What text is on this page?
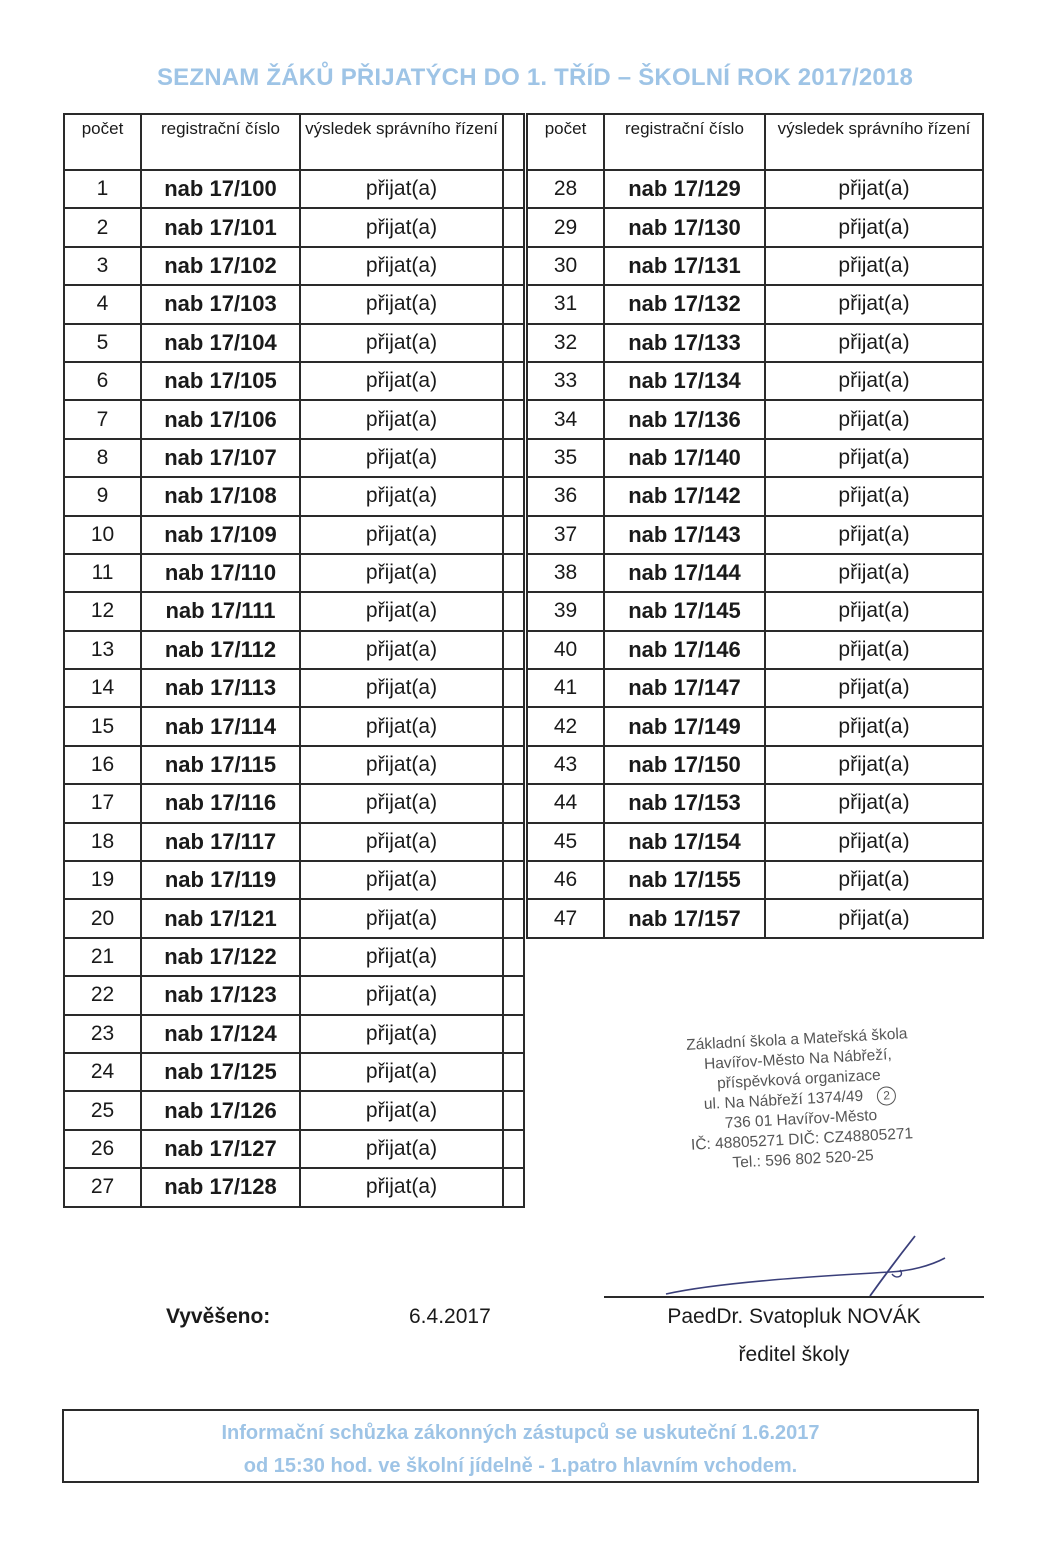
SEZNAM ŽÁKŮ PŘIJATÝCH DO 1. TŘÍD – ŠKOLNÍ ROK 2017/2018
počet	registrační číslo	výsledek správního řízení	
1	nab 17/100	přijat(a)	
2	nab 17/101	přijat(a)	
3	nab 17/102	přijat(a)	
4	nab 17/103	přijat(a)	
5	nab 17/104	přijat(a)	
6	nab 17/105	přijat(a)	
7	nab 17/106	přijat(a)	
8	nab 17/107	přijat(a)	
9	nab 17/108	přijat(a)	
10	nab 17/109	přijat(a)	
11	nab 17/110	přijat(a)	
12	nab 17/111	přijat(a)	
13	nab 17/112	přijat(a)	
14	nab 17/113	přijat(a)	
15	nab 17/114	přijat(a)	
16	nab 17/115	přijat(a)	
17	nab 17/116	přijat(a)	
18	nab 17/117	přijat(a)	
19	nab 17/119	přijat(a)	
20	nab 17/121	přijat(a)	
21	nab 17/122	přijat(a)	
22	nab 17/123	přijat(a)	
23	nab 17/124	přijat(a)	
24	nab 17/125	přijat(a)	
25	nab 17/126	přijat(a)	
26	nab 17/127	přijat(a)	
27	nab 17/128	přijat(a)	
počet	registrační číslo	výsledek správního řízení
28	nab 17/129	přijat(a)
29	nab 17/130	přijat(a)
30	nab 17/131	přijat(a)
31	nab 17/132	přijat(a)
32	nab 17/133	přijat(a)
33	nab 17/134	přijat(a)
34	nab 17/136	přijat(a)
35	nab 17/140	přijat(a)
36	nab 17/142	přijat(a)
37	nab 17/143	přijat(a)
38	nab 17/144	přijat(a)
39	nab 17/145	přijat(a)
40	nab 17/146	přijat(a)
41	nab 17/147	přijat(a)
42	nab 17/149	přijat(a)
43	nab 17/150	přijat(a)
44	nab 17/153	přijat(a)
45	nab 17/154	přijat(a)
46	nab 17/155	přijat(a)
47	nab 17/157	přijat(a)
Základní škola a Mateřská škola
Havířov-Město Na Nábřeží,
příspěvková organizace
ul. Na Nábřeží 1374/49 2
736 01 Havířov-Město
IČ: 48805271 DIČ: CZ48805271
Tel.: 596 802 520-25
Vyvěšeno:	6.4.2017	PaedDr. Svatopluk NOVÁK
ředitel školy
Informační schůzka zákonných zástupců se uskuteční 1.6.2017
od 15:30 hod. ve školní jídelně - 1.patro hlavním vchodem.
